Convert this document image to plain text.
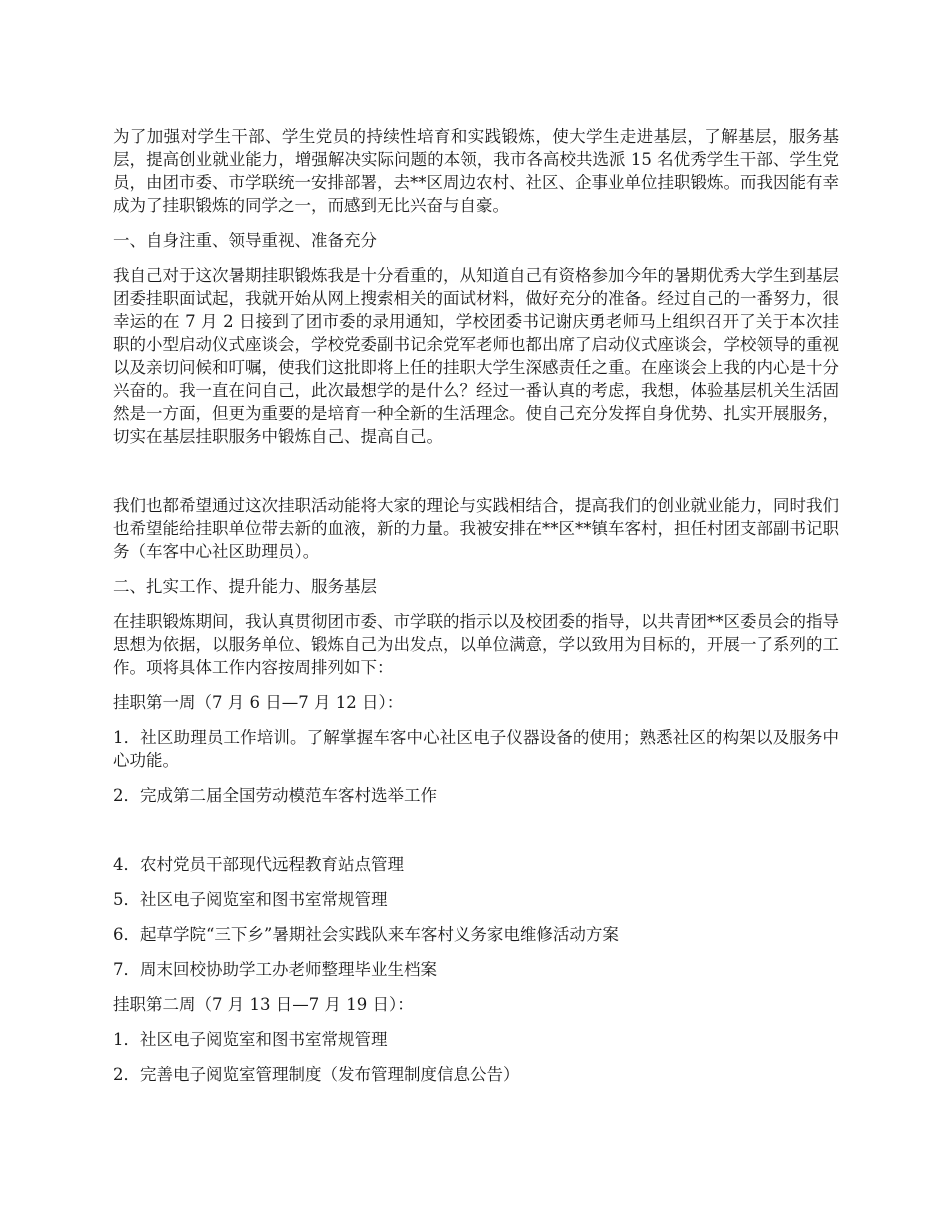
为了加强对学生干部、学生党员的持续性培育和实践锻炼，使大学生走进基层，了解基层，服务基层，提高创业就业能力，增强解决实际问题的本领，我市各高校共选派 15 名优秀学生干部、学生党员，由团市委、市学联统一安排部署，去**区周边农村、社区、企事业单位挂职锻炼。而我因能有幸成为了挂职锻炼的同学之一，而感到无比兴奋与自豪。

一、自身注重、领导重视、准备充分

我自己对于这次暑期挂职锻炼我是十分看重的，从知道自己有资格参加今年的暑期优秀大学生到基层团委挂职面试起，我就开始从网上搜索相关的面试材料，做好充分的准备。经过自己的一番努力，很幸运的在 7 月 2 日接到了团市委的录用通知，学校团委书记谢庆勇老师马上组织召开了关于本次挂职的小型启动仪式座谈会，学校党委副书记余党军老师也都出席了启动仪式座谈会，学校领导的重视以及亲切问候和叮嘱，使我们这批即将上任的挂职大学生深感责任之重。在座谈会上我的内心是十分兴奋的。我一直在问自己，此次最想学的是什么？经过一番认真的考虑，我想，体验基层机关生活固然是一方面，但更为重要的是培育一种全新的生活理念。使自己充分发挥自身优势、扎实开展服务，切实在基层挂职服务中锻炼自己、提高自己。

我们也都希望通过这次挂职活动能将大家的理论与实践相结合，提高我们的创业就业能力，同时我们也希望能给挂职单位带去新的血液，新的力量。我被安排在**区**镇车客村，担任村团支部副书记职务（车客中心社区助理员）。

二、扎实工作、提升能力、服务基层

在挂职锻炼期间，我认真贯彻团市委、市学联的指示以及校团委的指导，以共青团**区委员会的指导思想为依据，以服务单位、锻炼自己为出发点，以单位满意，学以致用为目标的，开展一了系列的工作。项将具体工作内容按周排列如下：

挂职第一周（7 月 6 日—7 月 12 日）：

1．社区助理员工作培训。了解掌握车客中心社区电子仪器设备的使用；熟悉社区的构架以及服务中心功能。

2．完成第二届全国劳动模范车客村选举工作

4．农村党员干部现代远程教育站点管理

5．社区电子阅览室和图书室常规管理

6．起草学院“三下乡”暑期社会实践队来车客村义务家电维修活动方案

7．周末回校协助学工办老师整理毕业生档案

挂职第二周（7 月 13 日—7 月 19 日）：

1．社区电子阅览室和图书室常规管理

2．完善电子阅览室管理制度（发布管理制度信息公告）
